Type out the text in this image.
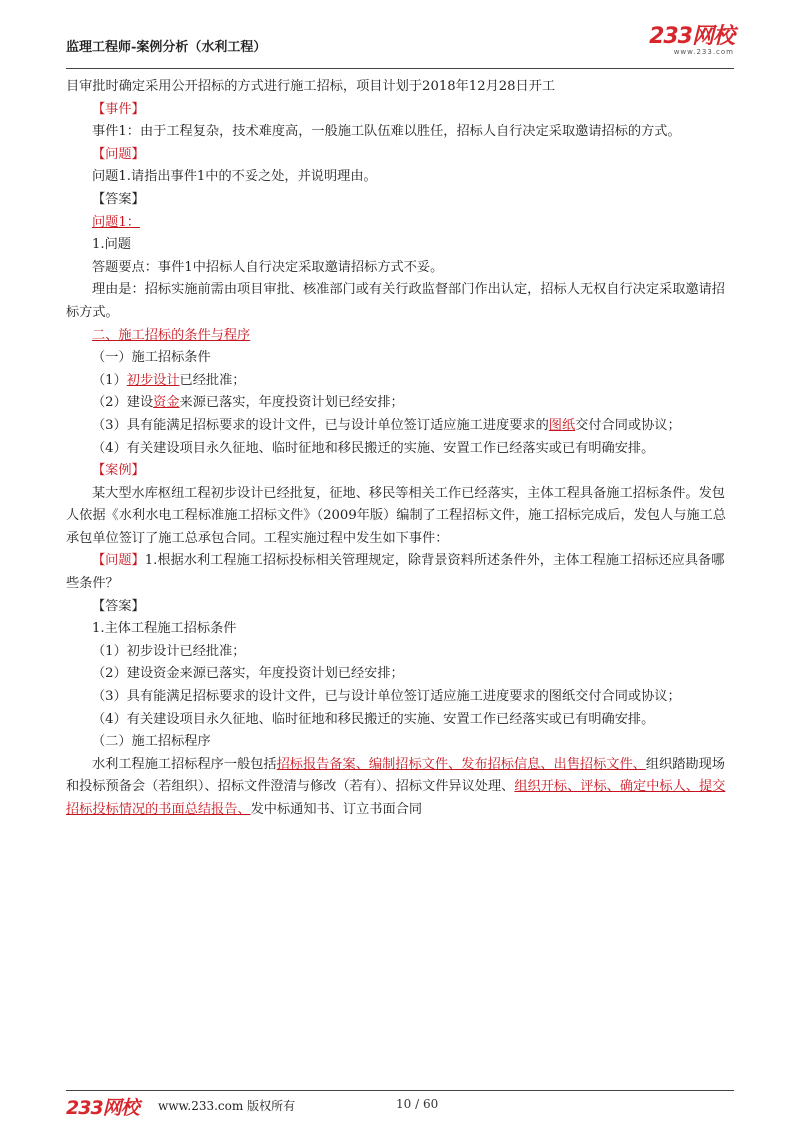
监理工程师-案例分析（水利工程）	233网校
www.233.com

目审批时确定采用公开招标的方式进行施工招标，项目计划于2018年12月28日开工

【事件】

事件1：由于工程复杂，技术难度高，一般施工队伍难以胜任，招标人自行决定采取邀请招标的方式。

【问题】

问题1.请指出事件1中的不妥之处，并说明理由。

【答案】

问题1：

1.问题

答题要点：事件1中招标人自行决定采取邀请招标方式不妥。

理由是：招标实施前需由项目审批、核准部门或有关行政监督部门作出认定，招标人无权自行决定采取邀请招标方式。

二、施工招标的条件与程序

（一）施工招标条件

（1）初步设计已经批准；

（2）建设资金来源已落实，年度投资计划已经安排；

（3）具有能满足招标要求的设计文件，已与设计单位签订适应施工进度要求的图纸交付合同或协议；

（4）有关建设项目永久征地、临时征地和移民搬迁的实施、安置工作已经落实或已有明确安排。

【案例】

某大型水库枢纽工程初步设计已经批复，征地、移民等相关工作已经落实，主体工程具备施工招标条件。发包人依据《水利水电工程标准施工招标文件》（2009年版）编制了工程招标文件，施工招标完成后，发包人与施工总承包单位签订了施工总承包合同。工程实施过程中发生如下事件：

【问题】1.根据水利工程施工招标投标相关管理规定，除背景资料所述条件外，主体工程施工招标还应具备哪些条件？

【答案】

1.主体工程施工招标条件

（1）初步设计已经批准；

（2）建设资金来源已落实，年度投资计划已经安排；

（3）具有能满足招标要求的设计文件，已与设计单位签订适应施工进度要求的图纸交付合同或协议；

（4）有关建设项目永久征地、临时征地和移民搬迁的实施、安置工作已经落实或已有明确安排。

（二）施工招标程序

水利工程施工招标程序一般包括招标报告备案、编制招标文件、发布招标信息、出售招标文件、组织踏勘现场和投标预备会（若组织）、招标文件澄清与修改（若有）、招标文件异议处理、组织开标、评标、确定中标人、提交招标投标情况的书面总结报告、发中标通知书、订立书面合同

233网校 www.233.com 版权所有	10 / 60
